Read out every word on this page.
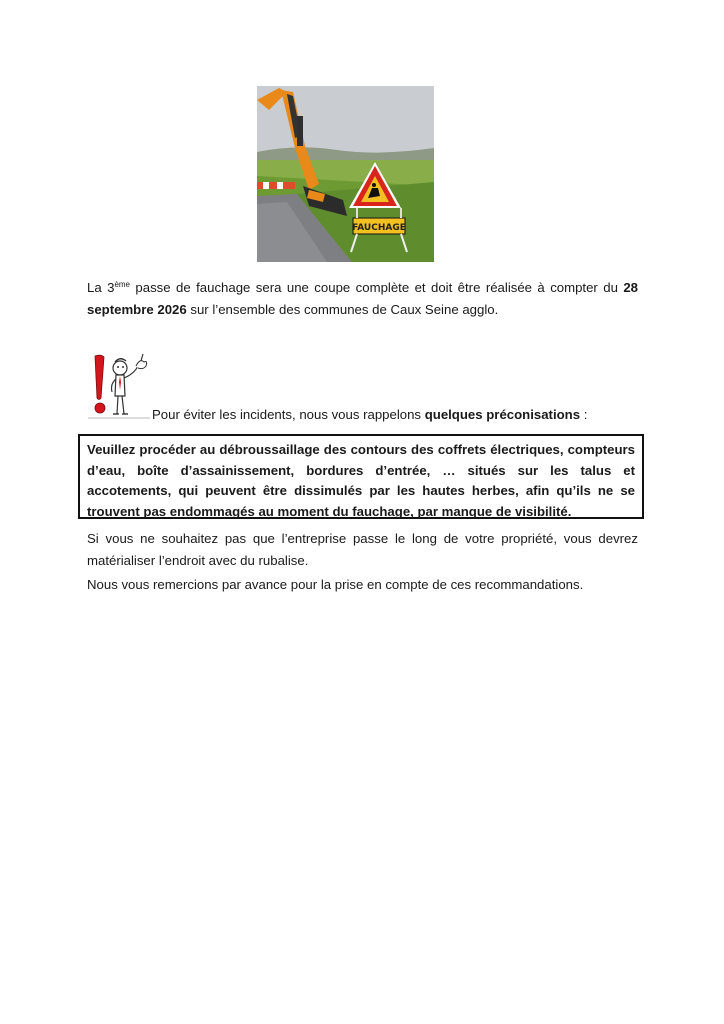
FAUCHAGE
La 3ème passe de fauchage sera une coupe complète et doit être réalisée à compter du 28 septembre 2026 sur l’ensemble des communes de Caux Seine agglo.
Pour éviter les incidents, nous vous rappelons quelques préconisations :

Veuillez procéder au débroussaillage des contours des coffrets électriques, compteurs d’eau, boîte d’assainissement, bordures d’entrée, … situés sur les talus et accotements, qui peuvent être dissimulés par les hautes herbes, afin qu’ils ne se trouvent pas endommagés au moment du fauchage, par manque de visibilité.

Si vous ne souhaitez pas que l’entreprise passe le long de votre propriété, vous devrez matérialiser l’endroit avec du rubalise.
Nous vous remercions par avance pour la prise en compte de ces recommandations.
